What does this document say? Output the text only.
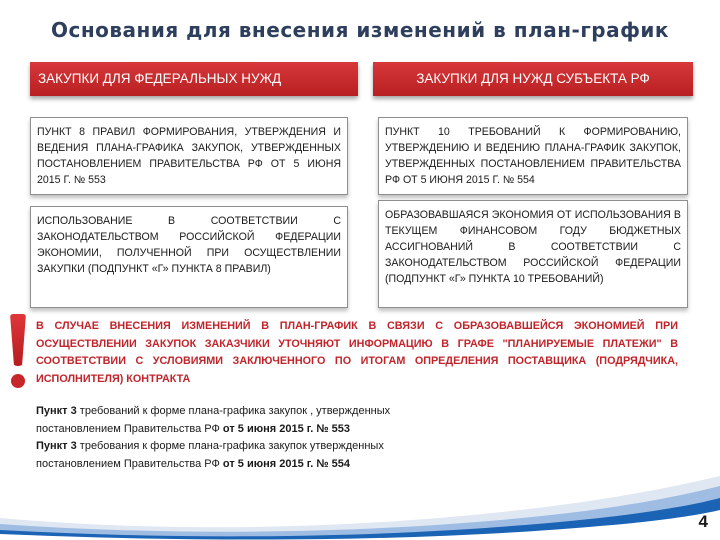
Основания для внесения изменений в план-график
ЗАКУПКИ ДЛЯ ФЕДЕРАЛЬНЫХ НУЖД	ЗАКУПКИ ДЛЯ НУЖД СУБЪЕКТА РФ
ПУНКТ 8 ПРАВИЛ ФОРМИРОВАНИЯ, УТВЕРЖДЕНИЯ И ВЕДЕНИЯ ПЛАНА-ГРАФИКА ЗАКУПОК, УТВЕРЖДЕННЫХ ПОСТАНОВЛЕНИЕМ ПРАВИТЕЛЬСТВА РФ ОТ 5 ИЮНЯ 2015 Г. № 553
ПУНКТ 10 ТРЕБОВАНИЙ К ФОРМИРОВАНИЮ, УТВЕРЖДЕНИЮ И ВЕДЕНИЮ ПЛАНА-ГРАФИК ЗАКУПОК, УТВЕРЖДЕННЫХ ПОСТАНОВЛЕНИЕМ ПРАВИТЕЛЬСТВА РФ ОТ 5 ИЮНЯ 2015 Г. № 554
ИСПОЛЬЗОВАНИЕ В СООТВЕТСТВИИ С ЗАКОНОДАТЕЛЬСТВОМ РОССИЙСКОЙ ФЕДЕРАЦИИ ЭКОНОМИИ, ПОЛУЧЕННОЙ ПРИ ОСУЩЕСТВЛЕНИИ ЗАКУПКИ (ПОДПУНКТ «Г» ПУНКТА 8 ПРАВИЛ)
ОБРАЗОВАВШАЯСЯ ЭКОНОМИЯ ОТ ИСПОЛЬЗОВАНИЯ В ТЕКУЩЕМ ФИНАНСОВОМ ГОДУ БЮДЖЕТНЫХ АССИГНОВАНИЙ В СООТВЕТСТВИИ С ЗАКОНОДАТЕЛЬСТВОМ РОССИЙСКОЙ ФЕДЕРАЦИИ (ПОДПУНКТ «Г» ПУНКТА 10 ТРЕБОВАНИЙ)
В СЛУЧАЕ ВНЕСЕНИЯ ИЗМЕНЕНИЙ В ПЛАН-ГРАФИК В СВЯЗИ С ОБРАЗОВАВШЕЙСЯ ЭКОНОМИЕЙ ПРИ ОСУЩЕСТВЛЕНИИ ЗАКУПОК ЗАКАЗЧИКИ УТОЧНЯЮТ ИНФОРМАЦИЮ В ГРАФЕ "ПЛАНИРУЕМЫЕ ПЛАТЕЖИ" В СООТВЕТСТВИИ С УСЛОВИЯМИ ЗАКЛЮЧЕННОГО ПО ИТОГАМ ОПРЕДЕЛЕНИЯ ПОСТАВЩИКА (ПОДРЯДЧИКА, ИСПОЛНИТЕЛЯ) КОНТРАКТА
Пункт 3 требований к форме плана-графика закупок , утвержденных
постановлением Правительства РФ от 5 июня 2015 г. № 553
Пункт 3 требования к форме плана-графика закупок утвержденных
постановлением Правительства РФ от 5 июня 2015 г. № 554
4
